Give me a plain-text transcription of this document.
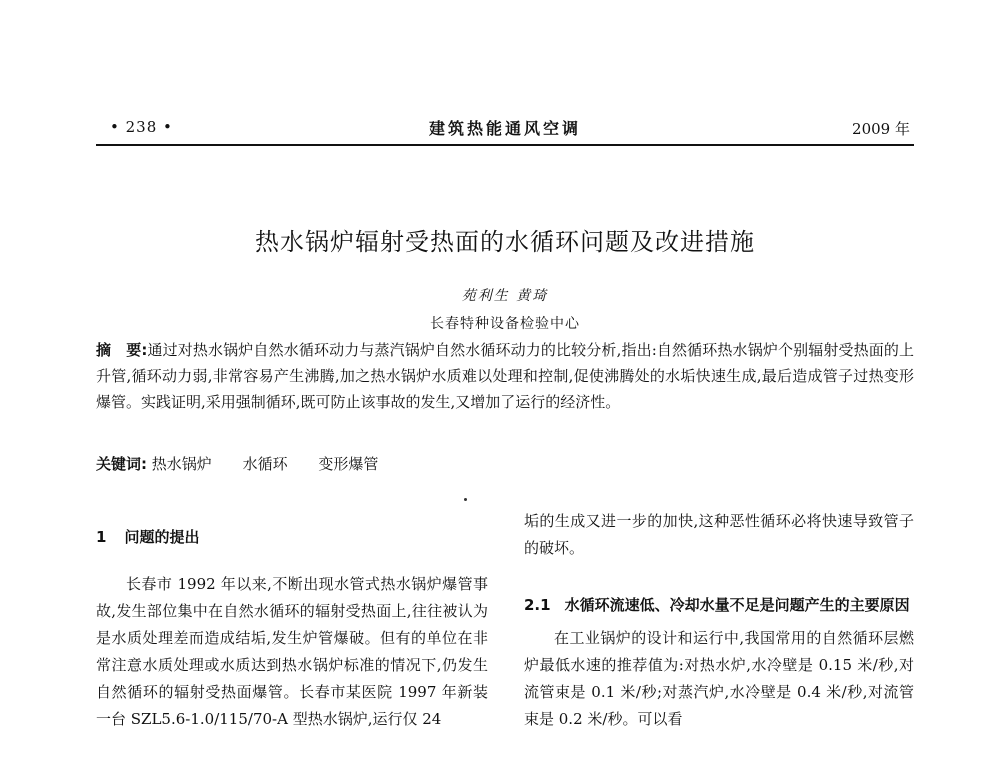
• 238 •	建筑热能通风空调	2009 年
热水锅炉辐射受热面的水循环问题及改进措施
苑利生 黄琦
长春特种设备检验中心
摘　要:通过对热水锅炉自然水循环动力与蒸汽锅炉自然水循环动力的比较分析,指出:自然循环热水锅炉个别辐射受热面的上升管,循环动力弱,非常容易产生沸腾,加之热水锅炉水质难以处理和控制,促使沸腾处的水垢快速生成,最后造成管子过热变形爆管。实践证明,采用强制循环,既可防止该事故的发生,又增加了运行的经济性。
关键词: 热水锅炉 水循环 变形爆管
1 问题的提出

长春市 1992 年以来,不断出现水管式热水锅炉爆管事故,发生部位集中在自然水循环的辐射受热面上,往往被认为是水质处理差而造成结垢,发生炉管爆破。但有的单位在非常注意水质处理或水质达到热水锅炉标准的情况下,仍发生自然循环的辐射受热面爆管。长春市某医院 1997 年新装一台 SZL5.6-1.0/115/70-A 型热水锅炉,运行仅 24

垢的生成又进一步的加快,这种恶性循环必将快速导致管子的破坏。

2.1 水循环流速低、冷却水量不足是问题产生的主要原因

在工业锅炉的设计和运行中,我国常用的自然循环层燃炉最低水速的推荐值为:对热水炉,水冷壁是 0.15 米/秒,对流管束是 0.1 米/秒;对蒸汽炉,水冷壁是 0.4 米/秒,对流管束是 0.2 米/秒。可以看
